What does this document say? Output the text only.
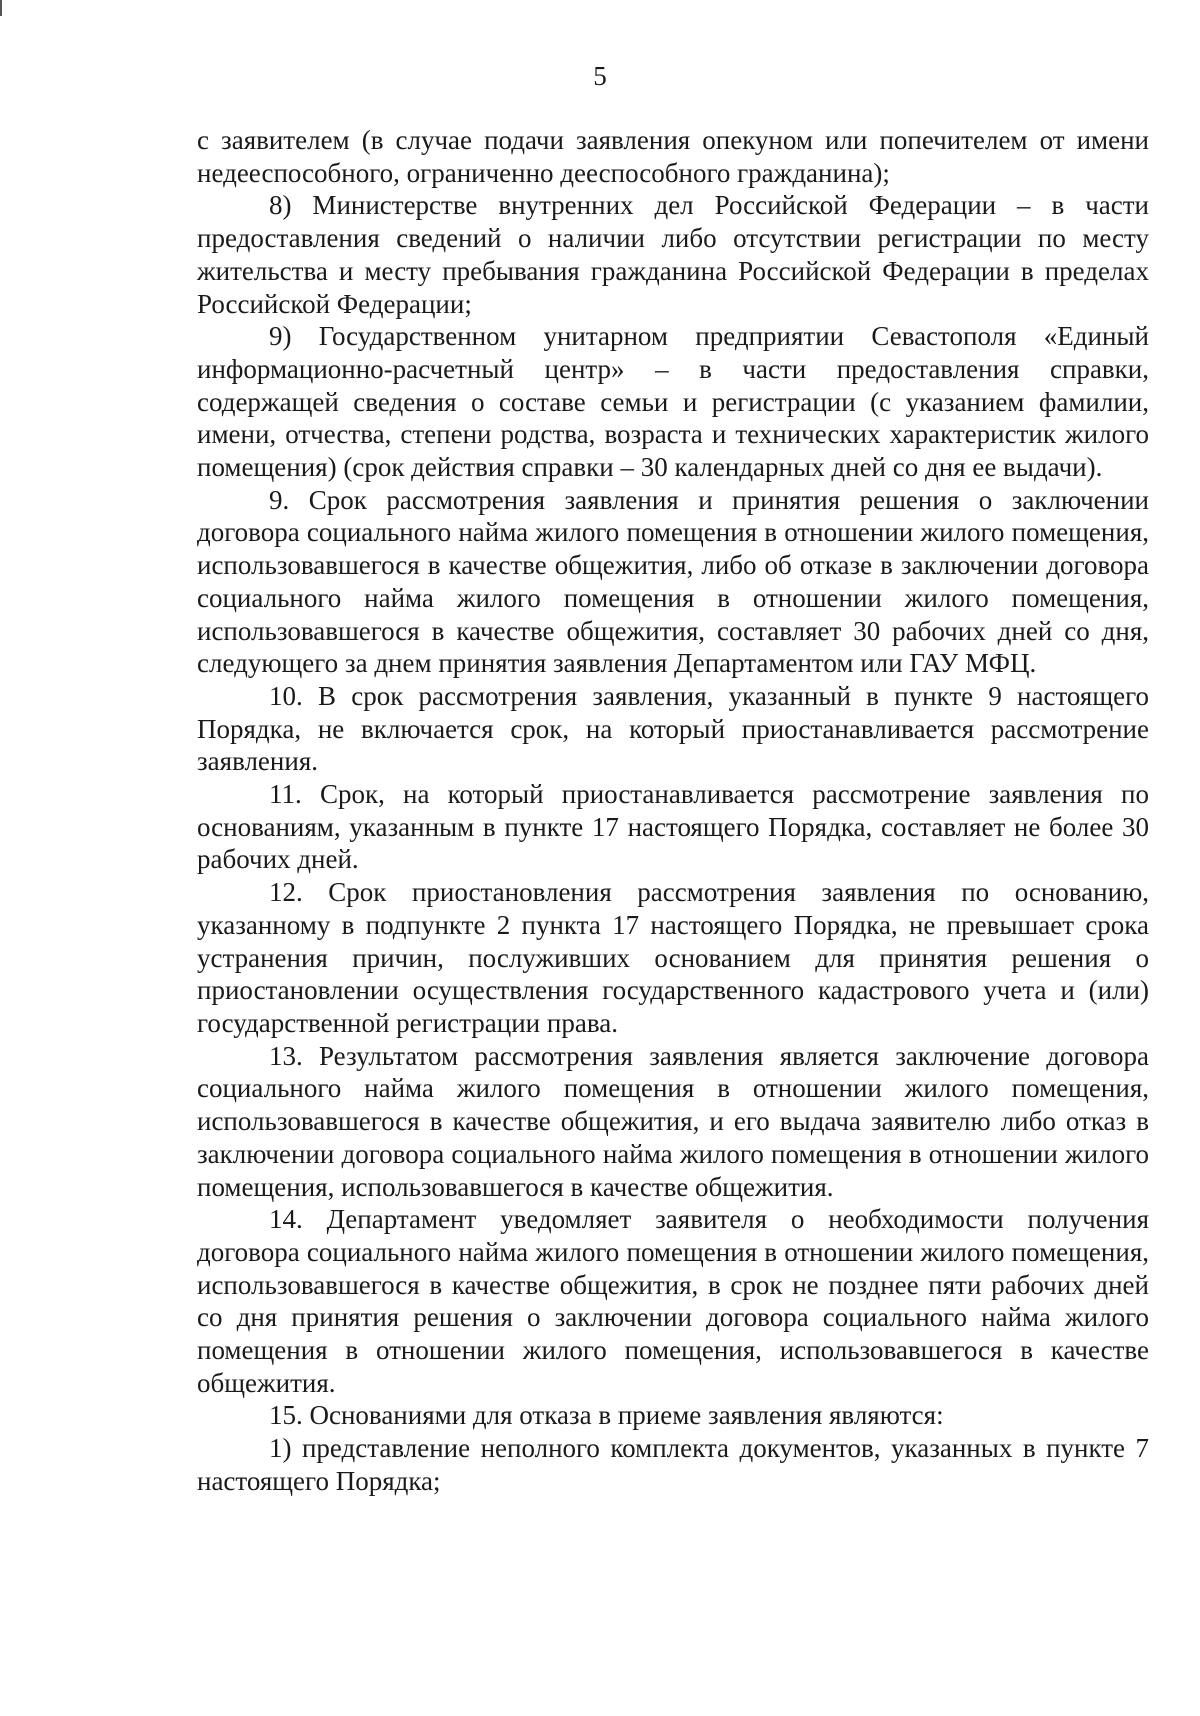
5

с заявителем (в случае подачи заявления опекуном или попечителем от имени недееспособного, ограниченно дееспособного гражданина);

8) Министерстве внутренних дел Российской Федерации – в части предоставления сведений о наличии либо отсутствии регистрации по месту жительства и месту пребывания гражданина Российской Федерации в пределах Российской Федерации;

9) Государственном унитарном предприятии Севастополя «Единый информационно-расчетный центр» – в части предоставления справки, содержащей сведения о составе семьи и регистрации (с указанием фамилии, имени, отчества, степени родства, возраста и технических характеристик жилого помещения) (срок действия справки – 30 календарных дней со дня ее выдачи).

9. Срок рассмотрения заявления и принятия решения о заключении договора социального найма жилого помещения в отношении жилого помещения, использовавшегося в качестве общежития, либо об отказе в заключении договора социального найма жилого помещения в отношении жилого помещения, использовавшегося в качестве общежития, составляет 30 рабочих дней со дня, следующего за днем принятия заявления Департаментом или ГАУ МФЦ.

10. В срок рассмотрения заявления, указанный в пункте 9 настоящего Порядка, не включается срок, на который приостанавливается рассмотрение заявления.

11. Срок, на который приостанавливается рассмотрение заявления по основаниям, указанным в пункте 17 настоящего Порядка, составляет не более 30 рабочих дней.

12. Срок приостановления рассмотрения заявления по основанию, указанному в подпункте 2 пункта 17 настоящего Порядка, не превышает срока устранения причин, послуживших основанием для принятия решения о приостановлении осуществления государственного кадастрового учета и (или) государственной регистрации права.

13. Результатом рассмотрения заявления является заключение договора социального найма жилого помещения в отношении жилого помещения, использовавшегося в качестве общежития, и его выдача заявителю либо отказ в заключении договора социального найма жилого помещения в отношении жилого помещения, использовавшегося в качестве общежития.

14. Департамент уведомляет заявителя о необходимости получения договора социального найма жилого помещения в отношении жилого помещения, использовавшегося в качестве общежития, в срок не позднее пяти рабочих дней со дня принятия решения о заключении договора социального найма жилого помещения в отношении жилого помещения, использовавшегося в качестве общежития.

15. Основаниями для отказа в приеме заявления являются:

1) представление неполного комплекта документов, указанных в пункте 7 настоящего Порядка;
